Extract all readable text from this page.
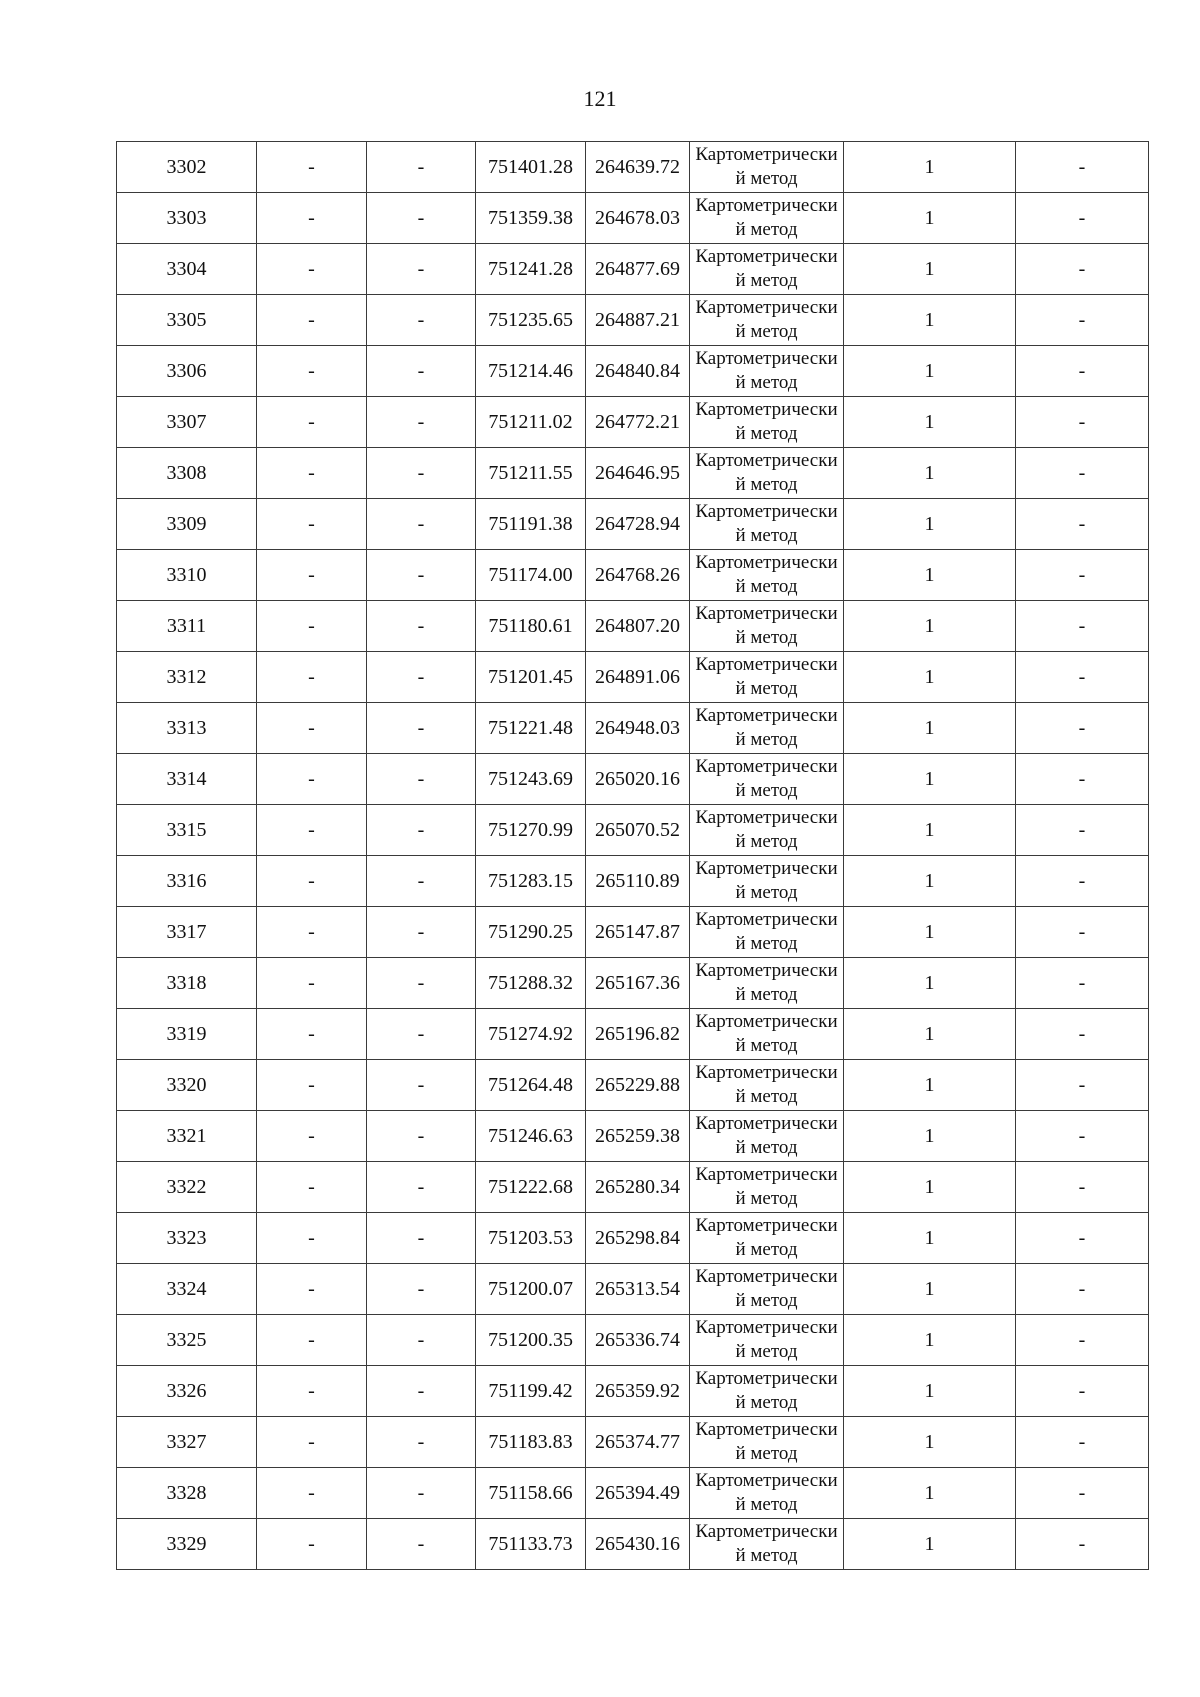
121
3302	-	-	751401.28	264639.72	Картометрический метод	1	-
3303	-	-	751359.38	264678.03	Картометрический метод	1	-
3304	-	-	751241.28	264877.69	Картометрический метод	1	-
3305	-	-	751235.65	264887.21	Картометрический метод	1	-
3306	-	-	751214.46	264840.84	Картометрический метод	1	-
3307	-	-	751211.02	264772.21	Картометрический метод	1	-
3308	-	-	751211.55	264646.95	Картометрический метод	1	-
3309	-	-	751191.38	264728.94	Картометрический метод	1	-
3310	-	-	751174.00	264768.26	Картометрический метод	1	-
3311	-	-	751180.61	264807.20	Картометрический метод	1	-
3312	-	-	751201.45	264891.06	Картометрический метод	1	-
3313	-	-	751221.48	264948.03	Картометрический метод	1	-
3314	-	-	751243.69	265020.16	Картометрический метод	1	-
3315	-	-	751270.99	265070.52	Картометрический метод	1	-
3316	-	-	751283.15	265110.89	Картометрический метод	1	-
3317	-	-	751290.25	265147.87	Картометрический метод	1	-
3318	-	-	751288.32	265167.36	Картометрический метод	1	-
3319	-	-	751274.92	265196.82	Картометрический метод	1	-
3320	-	-	751264.48	265229.88	Картометрический метод	1	-
3321	-	-	751246.63	265259.38	Картометрический метод	1	-
3322	-	-	751222.68	265280.34	Картометрический метод	1	-
3323	-	-	751203.53	265298.84	Картометрический метод	1	-
3324	-	-	751200.07	265313.54	Картометрический метод	1	-
3325	-	-	751200.35	265336.74	Картометрический метод	1	-
3326	-	-	751199.42	265359.92	Картометрический метод	1	-
3327	-	-	751183.83	265374.77	Картометрический метод	1	-
3328	-	-	751158.66	265394.49	Картометрический метод	1	-
3329	-	-	751133.73	265430.16	Картометрический метод	1	-
